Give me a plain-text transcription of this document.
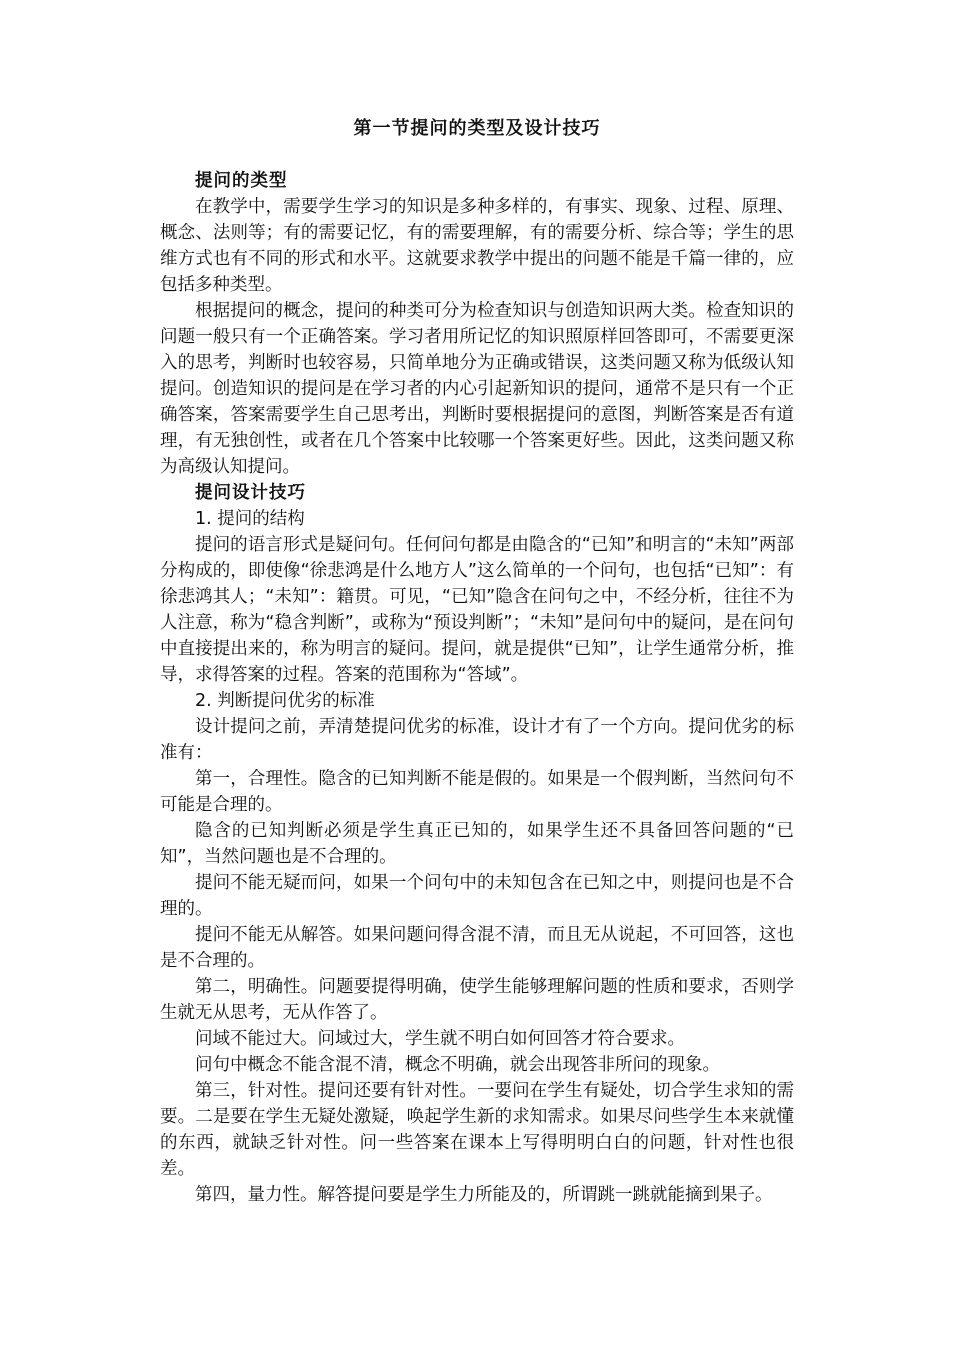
第一节提问的类型及设计技巧
提问的类型

在教学中，需要学生学习的知识是多种多样的，有事实、现象、过程、原理、概念、法则等；有的需要记忆，有的需要理解，有的需要分析、综合等；学生的思维方式也有不同的形式和水平。这就要求教学中提出的问题不能是千篇一律的，应包括多种类型。

根据提问的概念，提问的种类可分为检查知识与创造知识两大类。检查知识的问题一般只有一个正确答案。学习者用所记忆的知识照原样回答即可，不需要更深入的思考，判断时也较容易，只简单地分为正确或错误，这类问题又称为低级认知提问。创造知识的提问是在学习者的内心引起新知识的提问，通常不是只有一个正确答案，答案需要学生自己思考出，判断时要根据提问的意图，判断答案是否有道理，有无独创性，或者在几个答案中比较哪一个答案更好些。因此，这类问题又称为高级认知提问。

提问设计技巧

1. 提问的结构

提问的语言形式是疑问句。任何问句都是由隐含的“已知”和明言的“未知”两部分构成的，即使像“徐悲鸿是什么地方人”这么简单的一个问句，也包括“已知”：有徐悲鸿其人；“未知”：籍贯。可见，“已知”隐含在问句之中，不经分析，往往不为人注意，称为“稳含判断”，或称为“预设判断”；“未知”是问句中的疑问，是在问句中直接提出来的，称为明言的疑问。提问，就是提供“已知”，让学生通常分析，推导，求得答案的过程。答案的范围称为“答域”。

2. 判断提问优劣的标准

设计提问之前，弄清楚提问优劣的标准，设计才有了一个方向。提问优劣的标准有：

第一，合理性。隐含的已知判断不能是假的。如果是一个假判断，当然问句不可能是合理的。

隐含的已知判断必须是学生真正已知的，如果学生还不具备回答问题的“已知”，当然问题也是不合理的。

提问不能无疑而问，如果一个问句中的未知包含在已知之中，则提问也是不合理的。

提问不能无从解答。如果问题问得含混不清，而且无从说起，不可回答，这也是不合理的。

第二，明确性。问题要提得明确，使学生能够理解问题的性质和要求，否则学生就无从思考，无从作答了。

问域不能过大。问域过大，学生就不明白如何回答才符合要求。

问句中概念不能含混不清，概念不明确，就会出现答非所问的现象。

第三，针对性。提问还要有针对性。一要问在学生有疑处，切合学生求知的需要。二是要在学生无疑处激疑，唤起学生新的求知需求。如果尽问些学生本来就懂的东西，就缺乏针对性。问一些答案在课本上写得明明白白的问题，针对性也很差。

第四，量力性。解答提问要是学生力所能及的，所谓跳一跳就能摘到果子。
